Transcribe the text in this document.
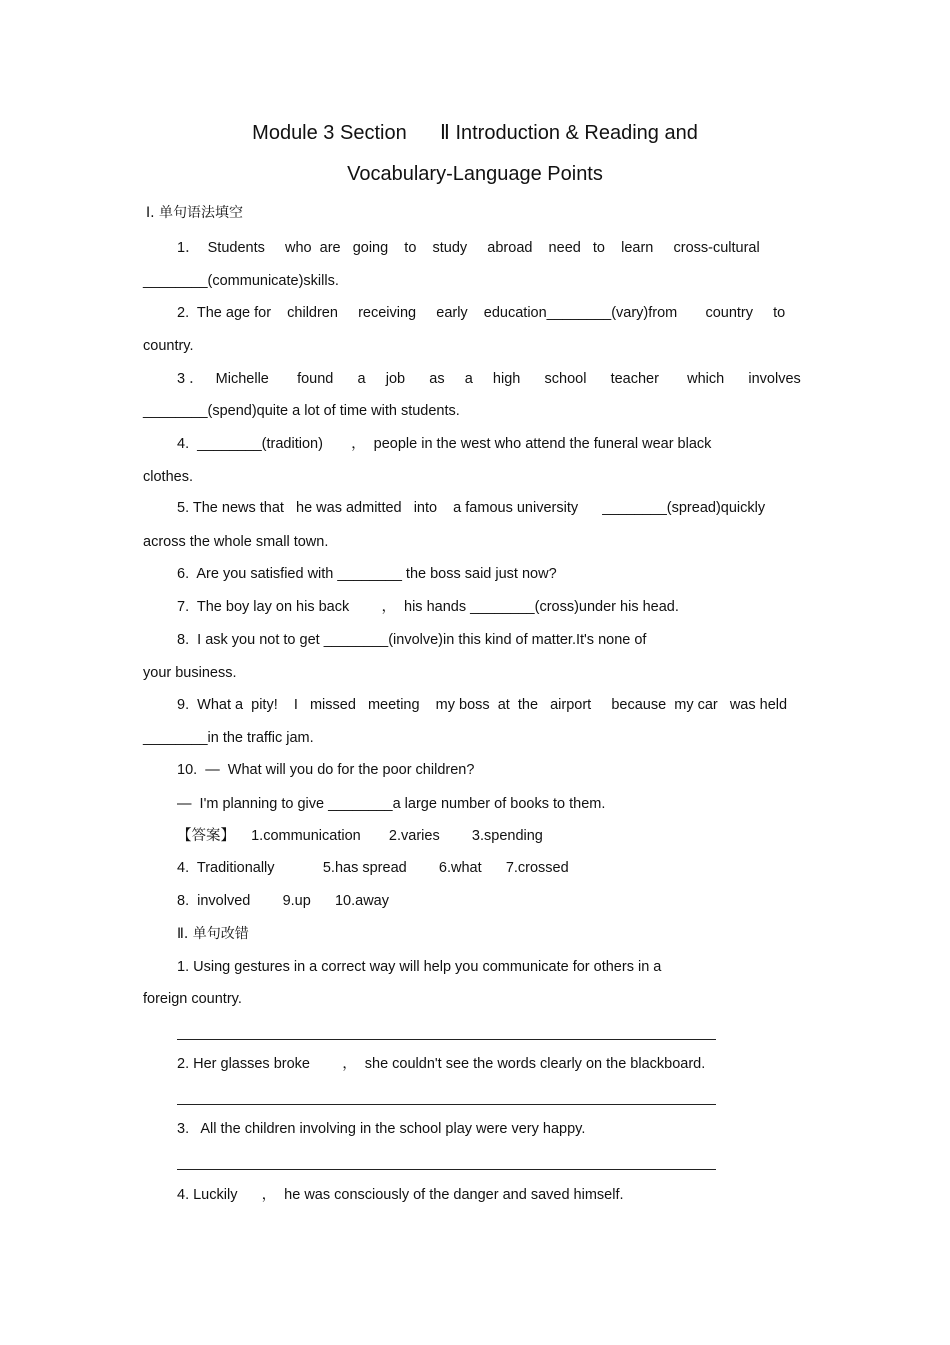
Module 3 Section      Ⅱ Introduction & Reading and
Vocabulary-Language Points
Ⅰ. 单句语法填空
1．  Students     who  are   going    to    study     abroad    need   to    learn     cross-cultural
________(communicate)skills.
2.  The age for    children     receiving     early    education________(vary)from       country     to
country.
3 ．   Michelle       found      a     job      as     a     high      school      teacher       which      involves
________(spend)quite a lot of time with students.
4.  ________(tradition)       ，  people in the west who attend the funeral wear black
clothes.
5. The news that   he was admitted   into    a famous university      ________(spread)quickly
across the whole small town.
6.  Are you satisfied with ________ the boss said just now?
7.  The boy lay on his back        ，  his hands ________(cross)under his head.
8.  I ask you not to get ________(involve)in this kind of matter.It's none of
your business.
9.  What a  pity!    I   missed   meeting    my boss  at  the   airport     because  my car   was held
________in the traffic jam.
10.  —  What will you do for the poor children?
—  I'm planning to give ________a large number of books to them.
【答案】    1.communication       2.varies        3.spending
4.  Traditionally            5.has spread        6.what      7.crossed
8.  involved        9.up      10.away
Ⅱ. 单句改错
1. Using gestures in a correct way will help you communicate for others in a
foreign country.
2. Her glasses broke        ，  she couldn't see the words clearly on the blackboard.
3.   All the children involving in the school play were very happy.
4. Luckily      ，  he was consciously of the danger and saved himself.
